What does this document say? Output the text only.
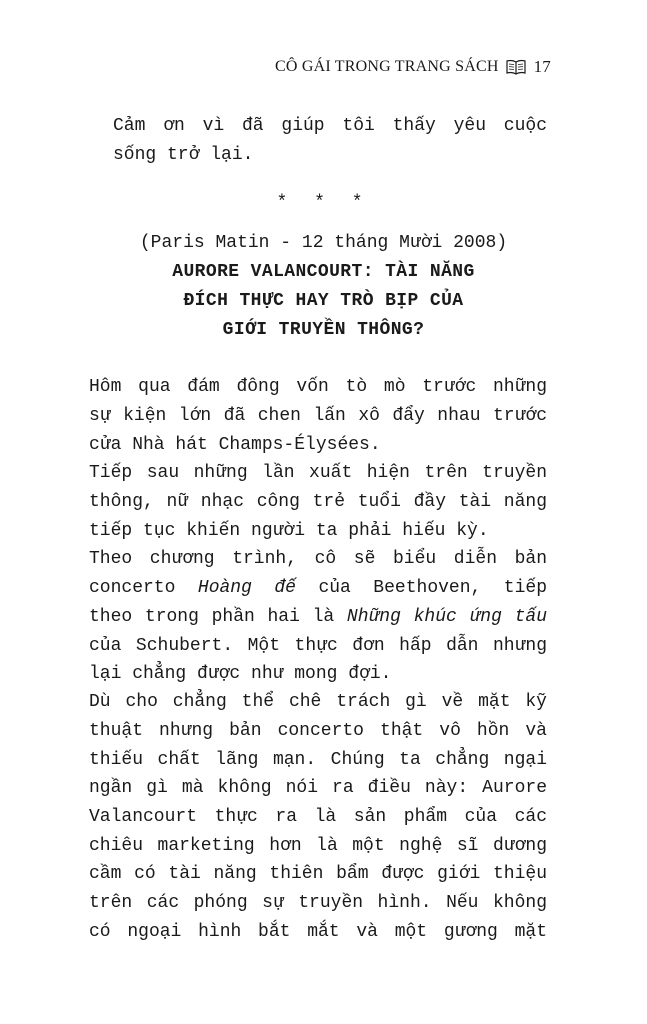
CÔ GÁI TRONG TRANG SÁCH 17

Cảm ơn vì đã giúp tôi thấy yêu cuộc

sống trở lại.

* * *

(Paris Matin - 12 tháng Mười 2008)

AURORE VALANCOURT: TÀI NĂNG

ĐÍCH THỰC HAY TRÒ BỊP CỦA

GIỚI TRUYỀN THÔNG?

Hôm qua đám đông vốn tò mò trước những

sự kiện lớn đã chen lấn xô đẩy nhau trước

cửa Nhà hát Champs-Élysées.

Tiếp sau những lần xuất hiện trên truyền

thông, nữ nhạc công trẻ tuổi đầy tài năng

tiếp tục khiến người ta phải hiếu kỳ.

Theo chương trình, cô sẽ biểu diễn bản

concerto Hoàng đế của Beethoven, tiếp

theo trong phần hai là Những khúc ứng tấu

của Schubert. Một thực đơn hấp dẫn nhưng

lại chẳng được như mong đợi.

Dù cho chẳng thể chê trách gì về mặt kỹ

thuật nhưng bản concerto thật vô hồn và

thiếu chất lãng mạn. Chúng ta chẳng ngại

ngần gì mà không nói ra điều này: Aurore

Valancourt thực ra là sản phẩm của các

chiêu marketing hơn là một nghệ sĩ dương

cầm có tài năng thiên bẩm được giới thiệu

trên các phóng sự truyền hình. Nếu không

có ngoại hình bắt mắt và một gương mặt
